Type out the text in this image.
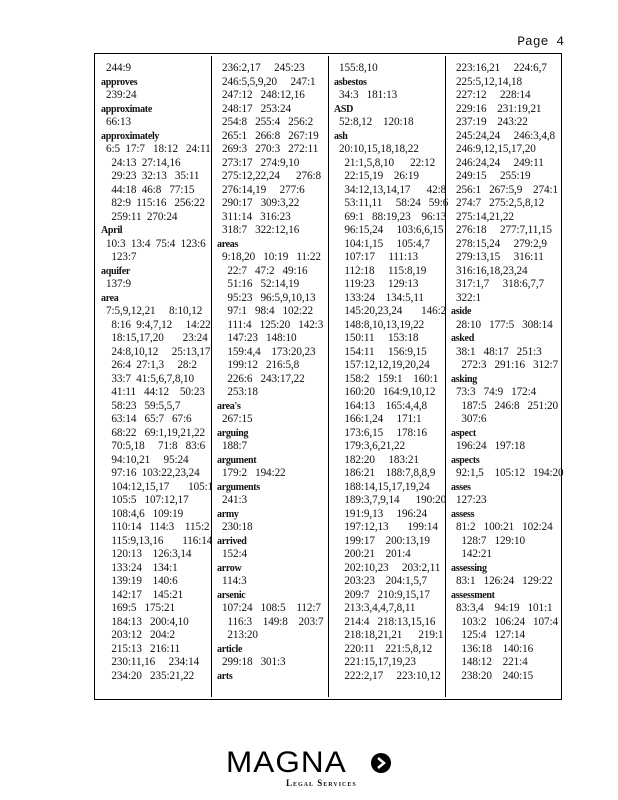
Page 4
244:9
approves
239:24
approximate
66:13
approximately
6:5  17:7   18:12   24:11
24:13  27:14,16
29:23  32:13   35:11
44:18  46:8   77:15
82:9  115:16   256:22
259:11  270:24
April
10:3  13:4  75:4  123:6
123:7
aquifer
137:9
area
7:5,9,12,21     8:10,12
8:16  9:4,7,12     14:22
18:15,17,20       23:24
24:8,10,12     25:13,17
26:4  27:1,3     28:2
33:7  41:5,6,7,8,10
41:11   44:12    50:23
58:23   59:5,5,7
63:14   65:7   67:6
68:22   69:1,19,21,22
70:5,18     71:8   83:6
94:10,21     95:24
97:16  103:22,23,24
104:12,15,17       105:1
105:5   107:12,17
108:4,6   109:19
110:14   114:3    115:2
115:9,13,16       116:14
120:13    126:3,14
133:24    134:1
139:19    140:6
142:17    145:21
169:5   175:21
184:13   200:4,10
203:12   204:2
215:13   216:11
230:11,16     234:14
234:20   235:21,22
236:2,17     245:23
246:5,5,9,20     247:1
247:12   248:12,16
248:17   253:24
254:8   255:4   256:2
265:1   266:8   267:19
269:3   270:3   272:11
273:17   274:9,10
275:12,22,24      276:8
276:14,19     277:6
290:17   309:3,22
311:14   316:23
318:7   322:12,16
areas
9:18,20   10:19   11:22
22:7   47:2   49:16
51:16   52:14,19
95:23   96:5,9,10,13
97:1   98:4   102:22
111:4   125:20   142:3
147:23   148:10
159:4,4    173:20,23
199:12   216:5,8
226:6   243:17,22
253:18
area's
267:15
arguing
188:7
argument
179:2   194:22
arguments
241:3
army
230:18
arrived
152:4
arrow
114:3
arsenic
107:24   108:5    112:7
116:3    149:8    203:7
213:20
article
299:18   301:3
arts
155:8,10
asbestos
34:3   181:13
ASD
52:8,12    120:18
ash
20:10,15,18,18,22
21:1,5,8,10      22:12
22:15,19    26:19
34:12,13,14,17      42:8
53:11,11     58:24   59:6
69:1   88:19,23    96:13
96:15,24     103:6,6,15
104:1,15     105:4,7
107:17     111:13
112:18     115:8,19
119:23     129:13
133:24    134:5,11
145:20,23,24       146:2
148:8,10,13,19,22
150:11     153:18
154:11     156:9,15
157:12,12,19,20,24
158:2   159:1    160:1
160:20   164:9,10,12
164:13    165:4,4,8
166:1,24     171:1
173:6,15     178:16
179:3,6,21,22
182:20     183:21
186:21    188:7,8,8,9
188:14,15,17,19,24
189:3,7,9,14      190:20
191:9,13     196:24
197:12,13       199:14
199:17    200:13,19
200:21    201:4
202:10,23     203:2,11
203:23    204:1,5,7
209:7   210:9,15,17
213:3,4,4,7,8,11
214:4   218:13,15,16
218:18,21,21      219:1
220:11    221:5,8,12
221:15,17,19,23
222:2,17     223:10,12
223:16,21     224:6,7
225:5,12,14,18
227:12     228:14
229:16    231:19,21
237:19    243:22
245:24,24     246:3,4,8
246:9,12,15,17,20
246:24,24     249:11
249:15     255:19
256:1   267:5,9    274:1
274:7   275:2,5,8,12
275:14,21,22
276:18     277:7,11,15
278:15,24     279:2,9
279:13,15     316:11
316:16,18,23,24
317:1,7     318:6,7,7
322:1
aside
28:10   177:5   308:14
asked
38:1   48:17   251:3
272:3   291:16   312:7
asking
73:3   74:9   172:4
187:5   246:8   251:20
307:6
aspect
196:24   197:18
aspects
92:1,5    105:12   194:20
asses
127:23
assess
81:2   100:21   102:24
128:7   129:10
142:21
assessing
83:1   126:24   129:22
assessment
83:3,4    94:19   101:1
103:2   106:24   107:4
125:4   127:14
136:18    140:16
148:12    221:4
238:20    240:15
MAGNA
Legal Services
